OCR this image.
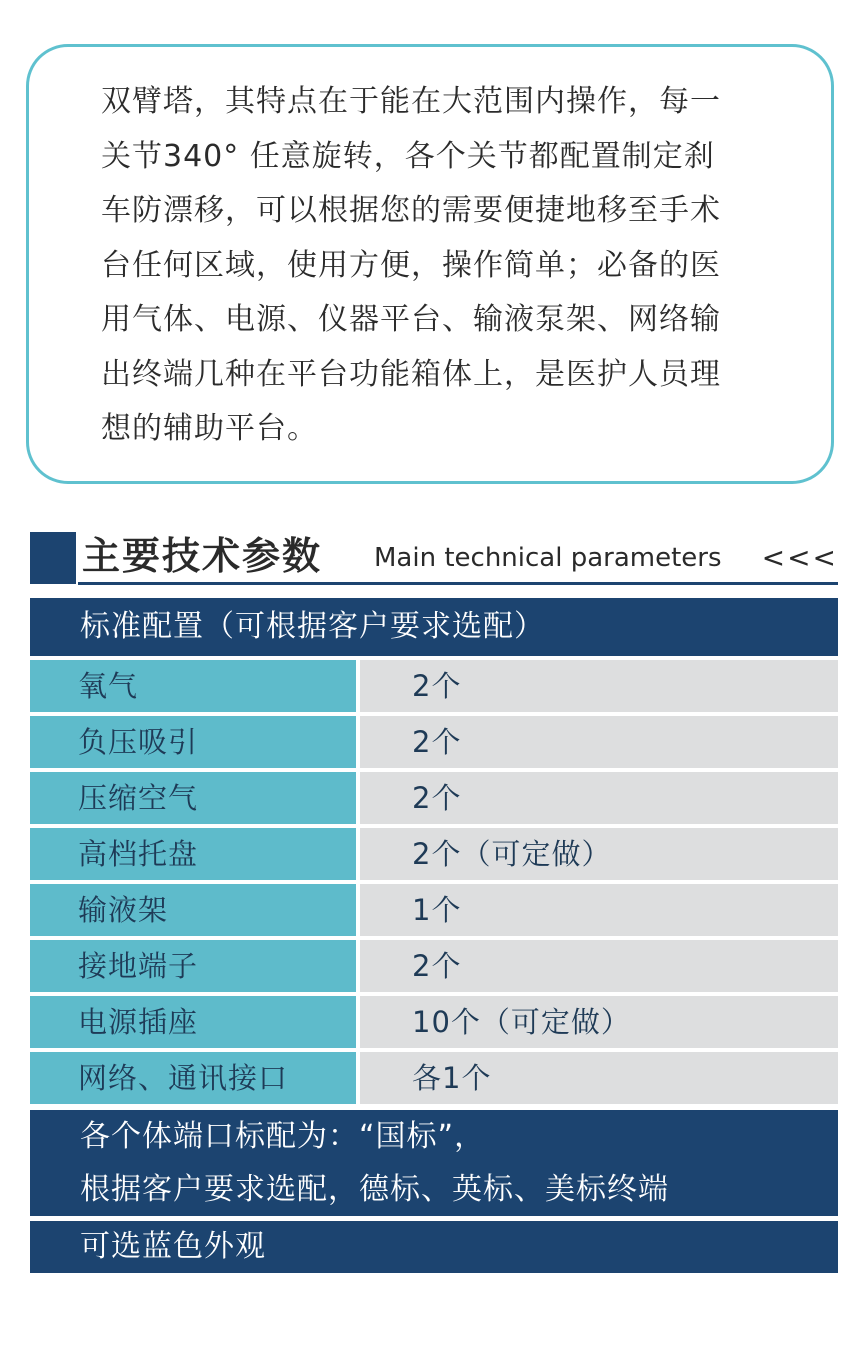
双臂塔，其特点在于能在大范围内操作，每一
关节340° 任意旋转，各个关节都配置制定刹
车防漂移，可以根据您的需要便捷地移至手术
台任何区域，使用方便，操作简单；必备的医
用气体、电源、仪器平台、输液泵架、网络输
出终端几种在平台功能箱体上，是医护人员理
想的辅助平台。
主要技术参数 Main technical parameters <<<
标准配置（可根据客户要求选配）
氧气	2个
负压吸引	2个
压缩空气	2个
高档托盘	2个（可定做）
输液架	1个
接地端子	2个
电源插座	10个（可定做）
网络、通讯接口	各1个
各个体端口标配为：“国标”，
根据客户要求选配，德标、英标、美标终端
可选蓝色外观
